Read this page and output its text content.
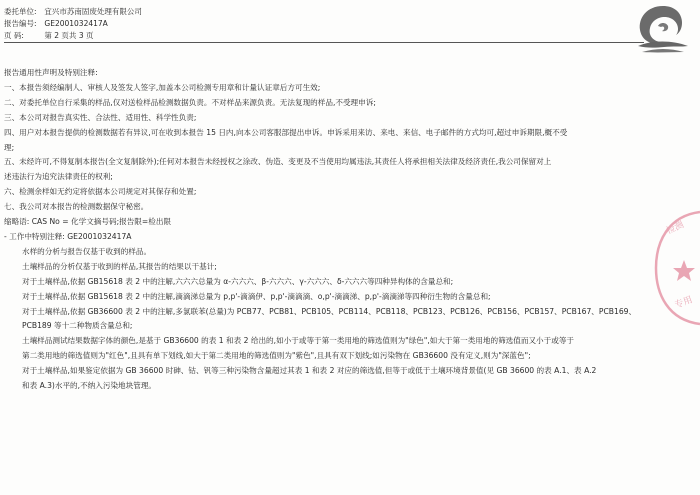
委托单位: 宜兴市苏南固废处理有限公司
报告编号: GE2001032417A
页 码:	第 2 页共 3 页

报告通用性声明及特别注释:

一、本报告须经编制人、审核人及签发人签字,加盖本公司检测专用章和计量认证章后方可生效;

二、对委托单位自行采集的样品,仅对送检样品检测数据负责。不对样品来源负责。无法复现的样品,不受理申诉;

三、本公司对报告真实性、合法性、适用性、科学性负责;

四、用户对本报告提供的检测数据若有异议,可在收到本报告 15 日内,向本公司客服部提出申诉。申诉采用来访、来电、来信、电子邮件的方式均可,超过申诉期限,概不受

理;

五、未经许可,不得复制本报告(全文复制除外);任何对本报告未经授权之涂改、伪造、变更及不当使用均属违法,其责任人将承担相关法律及经济责任,我公司保留对上

述违法行为追究法律责任的权利;

六、检测余样如无约定将依据本公司规定对其保存和处置;

七、我公司对本报告的检测数据保守秘密。

缩略语: CAS No = 化学文摘号码;报告限=检出限

- 工作中特别注释: GE2001032417A

水样的分析与报告仅基于收到的样品。

土壤样品的分析仅基于收到的样品,其报告的结果以干基计;

对于土壤样品,依据 GB15618 表 2 中的注解,六六六总量为 α-六六六、β-六六六、γ-六六六、δ-六六六等四种异构体的含量总和;

对于土壤样品,依据 GB15618 表 2 中的注解,滴滴涕总量为 p,p'-滴滴伊、p,p'-滴滴滴、o,p'-滴滴涕、p,p'-滴滴涕等四种衍生物的含量总和;

对于土壤样品,依据 GB36600 表 2 中的注解,多氯联苯(总量)为 PCB77、PCB81、PCB105、PCB114、PCB118、PCB123、PCB126、PCB156、PCB157、PCB167、PCB169、

PCB189 等十二种物质含量总和;

土壤样品测试结果数据字体的颜色,是基于 GB36600 的表 1 和表 2 给出的,如小于或等于第一类用地的筛选值则为"绿色",如大于第一类用地的筛选值而又小于或等于

第二类用地的筛选值则为"红色",且具有单下划线,如大于第二类用地的筛选值则为"紫色",且具有双下划线;如污染物在 GB36600 没有定义,则为"深蓝色";

对于土壤样品,如果鉴定依据为 GB 36600 时砷、钴、钒等三种污染物含量超过其表 1 和表 2 对应的筛选值,但等于或低于土壤环境背景值(见 GB 36600 的表 A.1、表 A.2

和表 A.3)水平的,不纳入污染地块管理。

检测
专用
